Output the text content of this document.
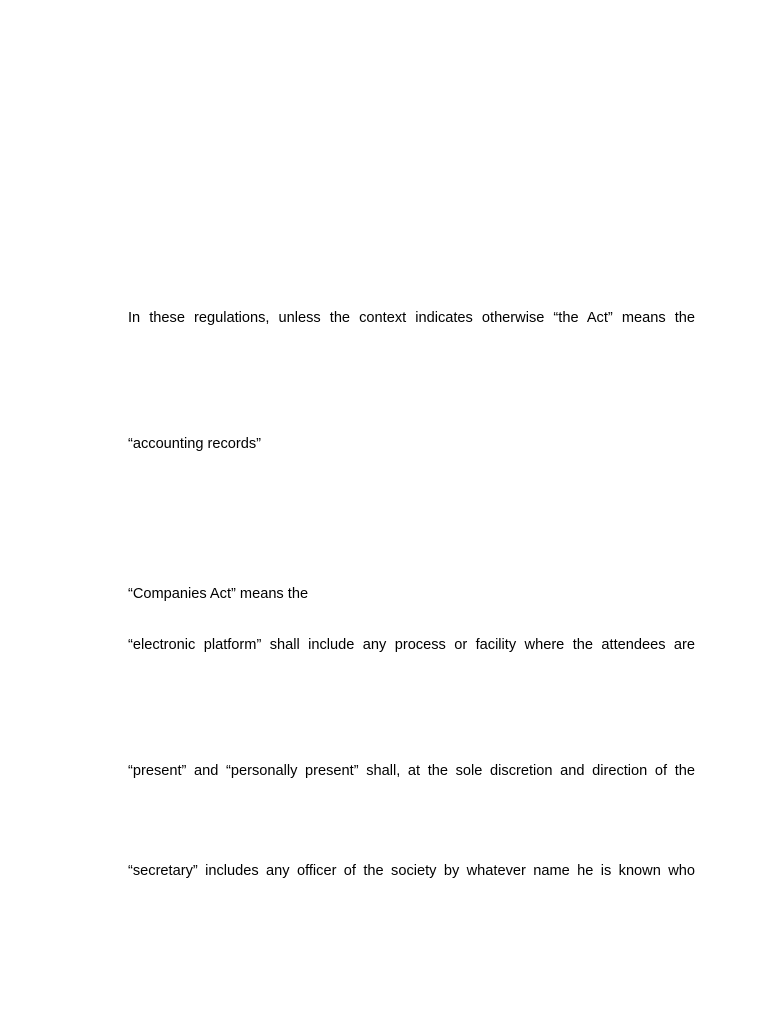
In these regulations, unless the context indicates otherwise “the Act” means the
“accounting records”
“Companies Act” means the
“electronic platform” shall include any process or facility where the attendees are
“present” and “personally present” shall, at the sole discretion and direction of the
“secretary” includes any officer of the society by whatever name he is known who
